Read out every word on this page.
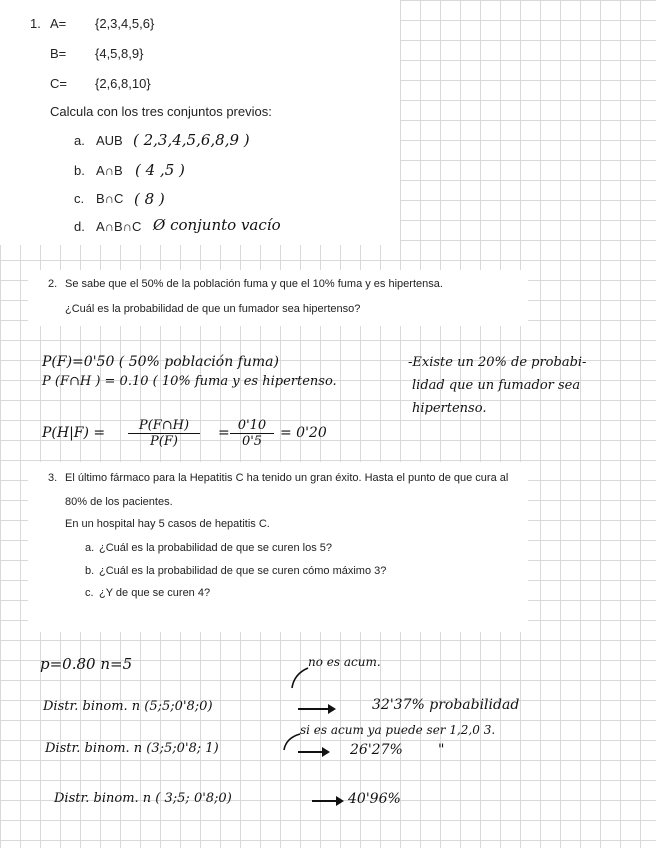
1. A= {2,3,4,5,6}
B= {4,5,8,9}
C= {2,6,8,10}
Calcula con los tres conjuntos previos:
a. AUB ( 2,3,4,5,6,8,9 )
b. A∩B ( 4 ,5 )
c. B∩C ( 8 )
d. A∩B∩C Ø conjunto vacío
2. Se sabe que el 50% de la población fuma y que el 10% fuma y es hipertensa.
¿Cuál es la probabilidad de que un fumador sea hipertenso?
P(F)=0'50 ( 50% población fuma)
P (F∩H ) = 0.10 ( 10% fuma y es hipertenso.
$P(H|F) = \frac{P(F\cap H)}{P(F)} = \frac{0'10}{0'5} = 0'20$
-Existe un 20% de probabi-
lidad que un fumador sea
hipertenso.
3. El último fármaco para la Hepatitis C ha tenido un gran éxito. Hasta el punto de que cura al
80% de los pacientes.
En un hospital hay 5 casos de hepatitis C.
a. ¿Cuál es la probabilidad de que se curen los 5?
b. ¿Cuál es la probabilidad de que se curen cómo máximo 3?
c. ¿Y de que se curen 4?
p=0.80 n=5	no es acum.
Distr. binom. n (5;5;0'8;0)	32'37% probabilidad
si es acum ya puede ser 1,2,0 3.
Distr. binom. n (3;5;0'8; 1)	26'27%	"
Distr. binom. n ( 3;5; 0'8;0)	40'96%
